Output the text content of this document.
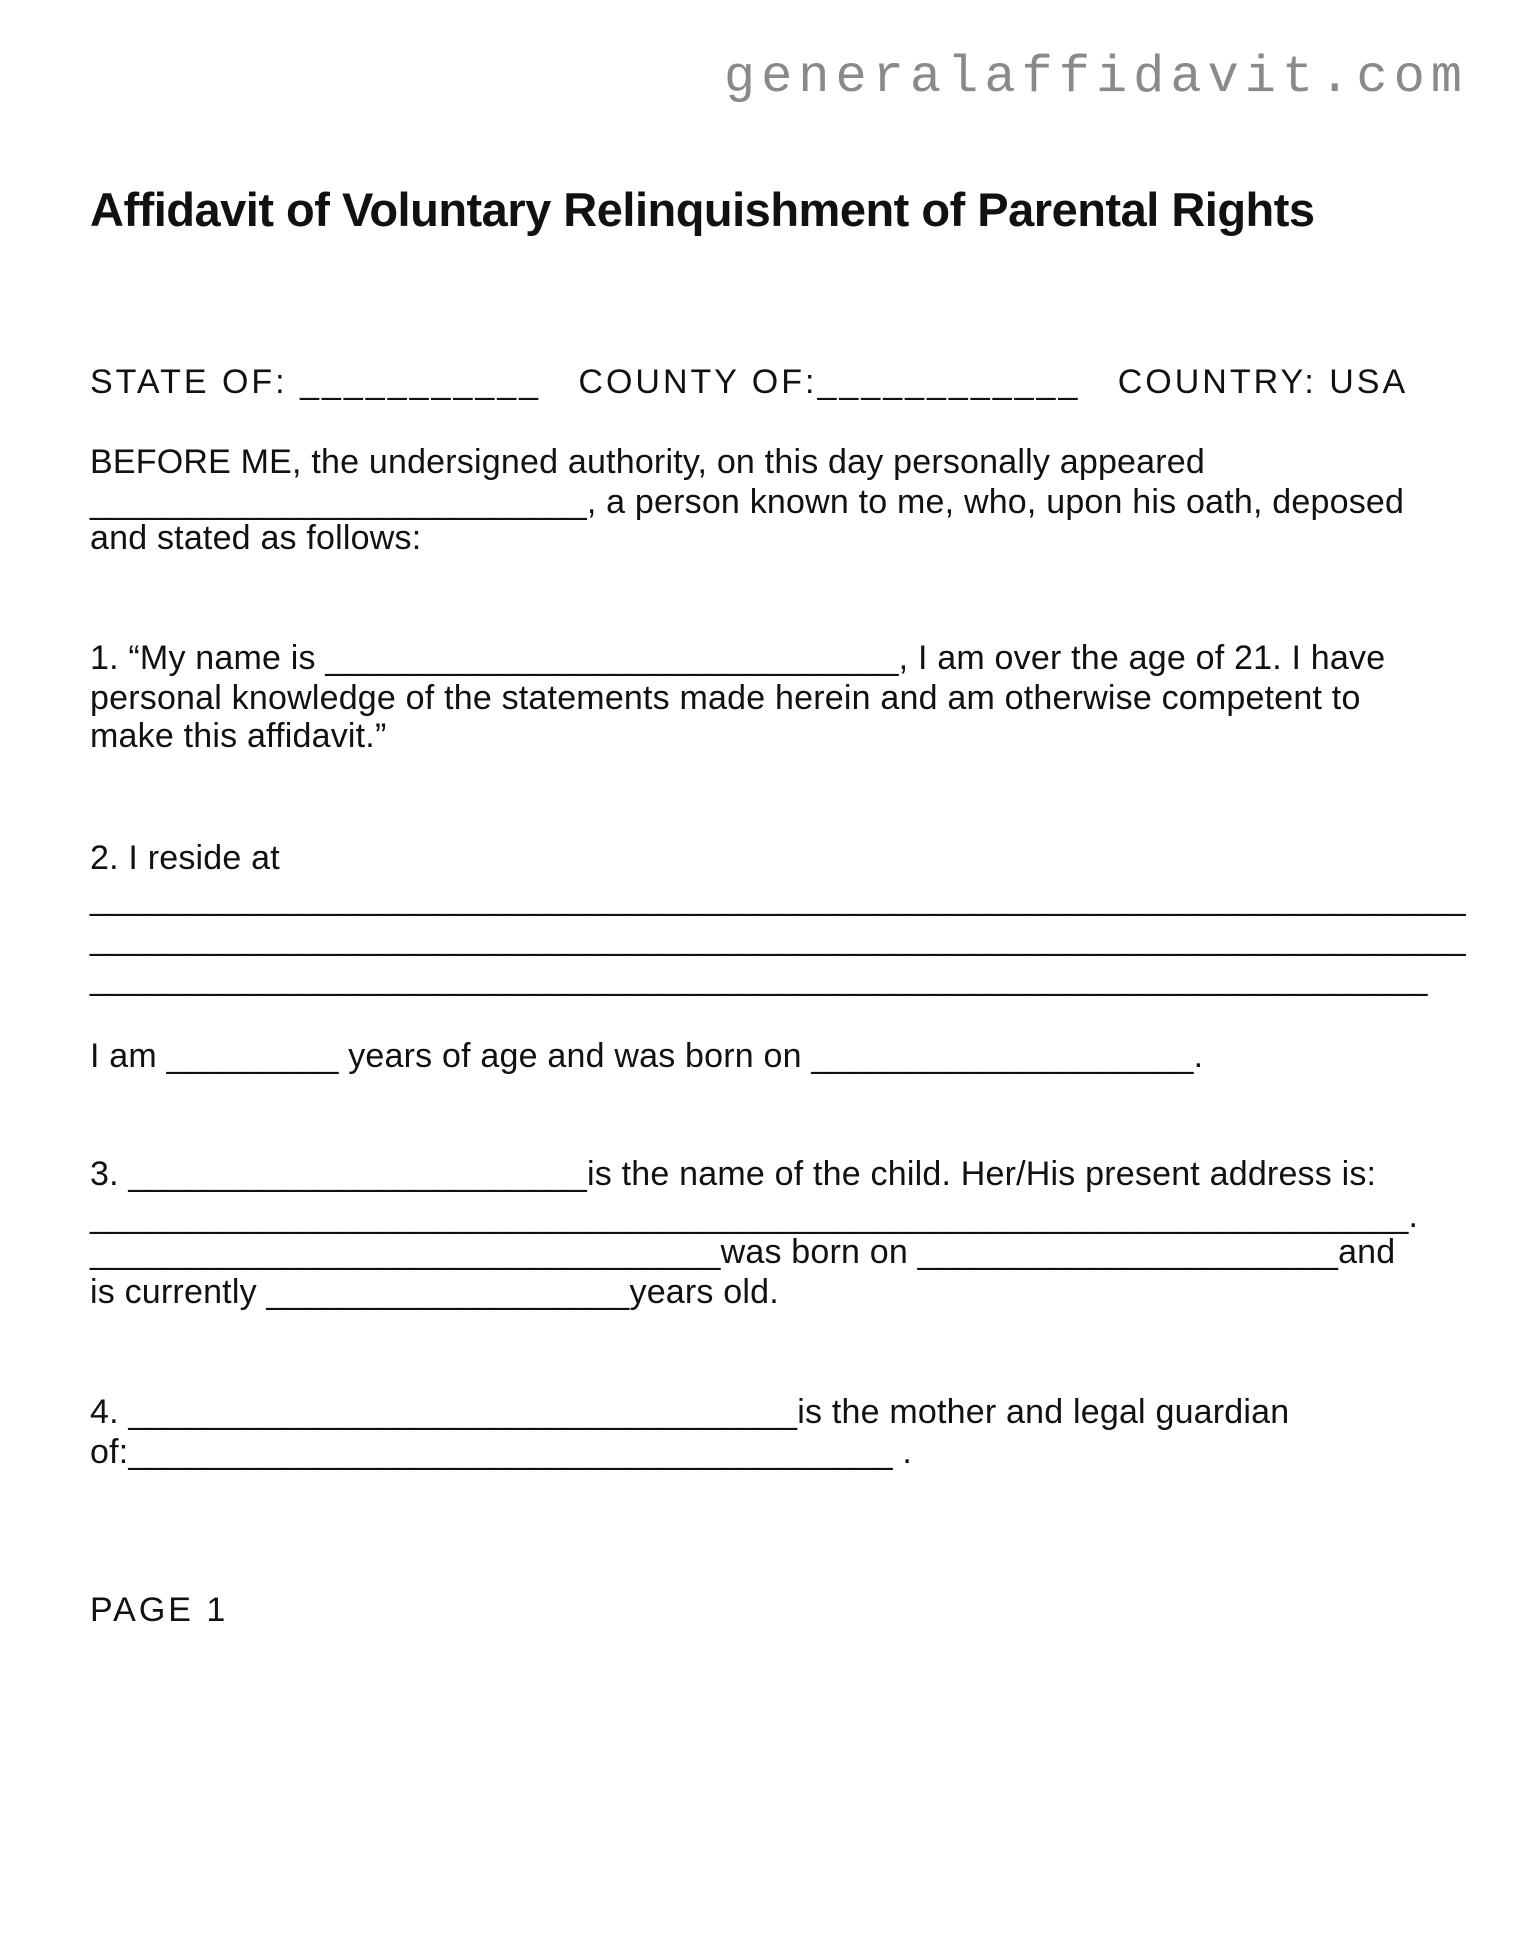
generalaffidavit.com
Affidavit of Voluntary Relinquishment of Parental Rights
STATE OF: ___________   COUNTY OF:____________   COUNTRY: USA
BEFORE ME, the undersigned authority, on this day personally appeared
__________________________, a person known to me, who, upon his oath, deposed
and stated as follows:
1. “My name is ______________________________, I am over the age of 21. I have
personal knowledge of the statements made herein and am otherwise competent to
make this affidavit.”
2. I reside at
________________________________________________________________________
________________________________________________________________________
______________________________________________________________________
I am _________ years of age and was born on ____________________.
3. ________________________is the name of the child. Her/His present address is:
_____________________________________________________________________.
_________________________________was born on ______________________and
is currently ___________________years old.
4. ___________________________________is the mother and legal guardian
of:________________________________________ .
PAGE 1
